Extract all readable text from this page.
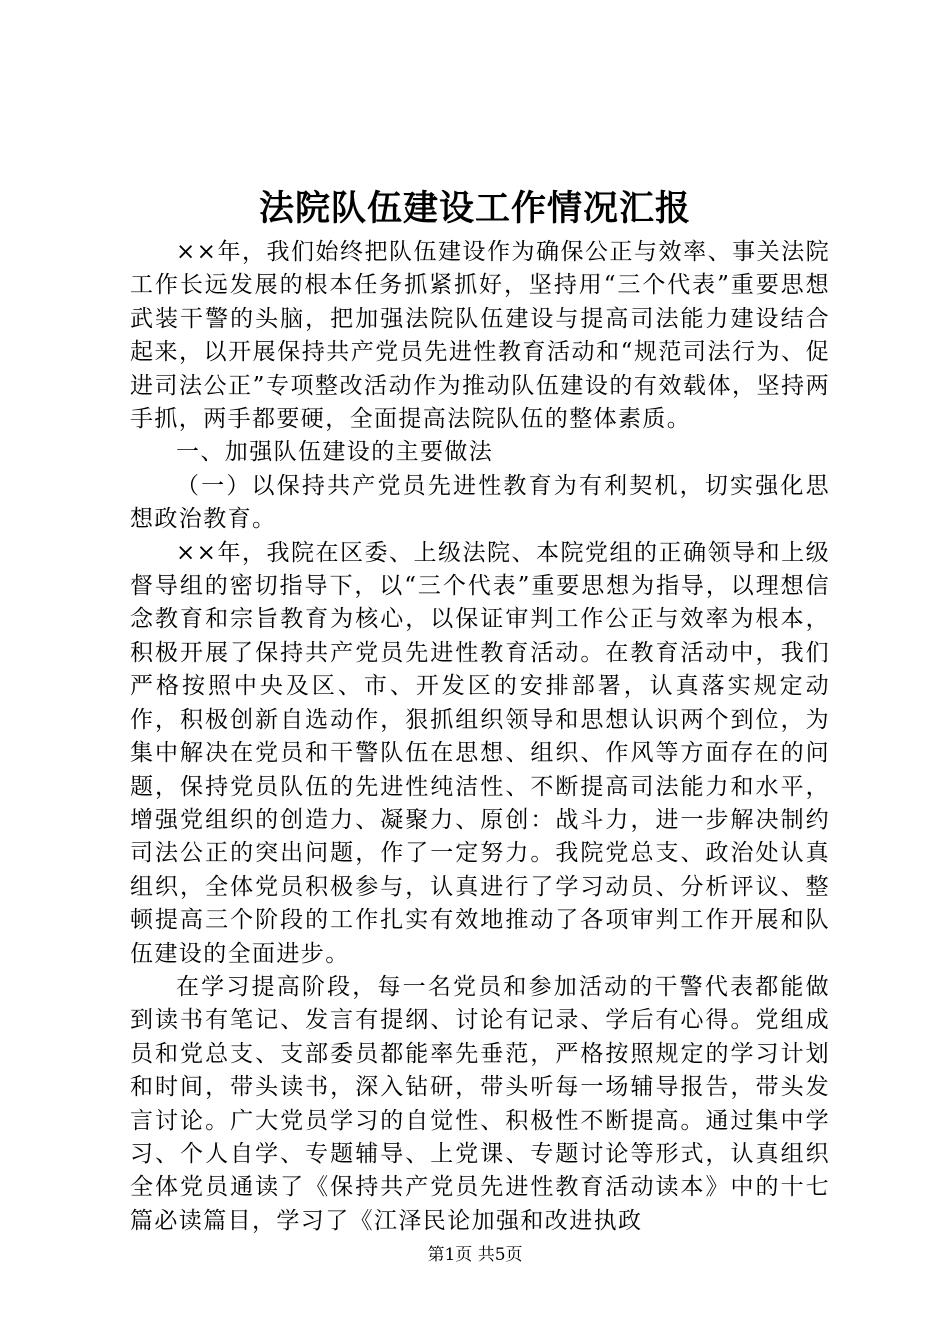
法院队伍建设工作情况汇报

××年，我们始终把队伍建设作为确保公正与效率、事关法院工作长远发展的根本任务抓紧抓好，坚持用“三个代表”重要思想武装干警的头脑，把加强法院队伍建设与提高司法能力建设结合起来，以开展保持共产党员先进性教育活动和“规范司法行为、促进司法公正”专项整改活动作为推动队伍建设的有效载体，坚持两手抓，两手都要硬，全面提高法院队伍的整体素质。

一、加强队伍建设的主要做法

（一）以保持共产党员先进性教育为有利契机，切实强化思想政治教育。

××年，我院在区委、上级法院、本院党组的正确领导和上级督导组的密切指导下，以“三个代表”重要思想为指导，以理想信念教育和宗旨教育为核心，以保证审判工作公正与效率为根本，积极开展了保持共产党员先进性教育活动。在教育活动中，我们严格按照中央及区、市、开发区的安排部署，认真落实规定动作，积极创新自选动作，狠抓组织领导和思想认识两个到位，为集中解决在党员和干警队伍在思想、组织、作风等方面存在的问题，保持党员队伍的先进性纯洁性、不断提高司法能力和水平，增强党组织的创造力、凝聚力、原创：战斗力，进一步解决制约司法公正的突出问题，作了一定努力。我院党总支、政治处认真组织，全体党员积极参与，认真进行了学习动员、分析评议、整顿提高三个阶段的工作扎实有效地推动了各项审判工作开展和队伍建设的全面进步。

在学习提高阶段，每一名党员和参加活动的干警代表都能做到读书有笔记、发言有提纲、讨论有记录、学后有心得。党组成员和党总支、支部委员都能率先垂范，严格按照规定的学习计划和时间，带头读书，深入钻研，带头听每一场辅导报告，带头发言讨论。广大党员学习的自觉性、积极性不断提高。通过集中学习、个人自学、专题辅导、上党课、专题讨论等形式，认真组织全体党员通读了《保持共产党员先进性教育活动读本》中的十七篇必读篇目，学习了《江泽民论加强和改进执政

第1页 共5页
